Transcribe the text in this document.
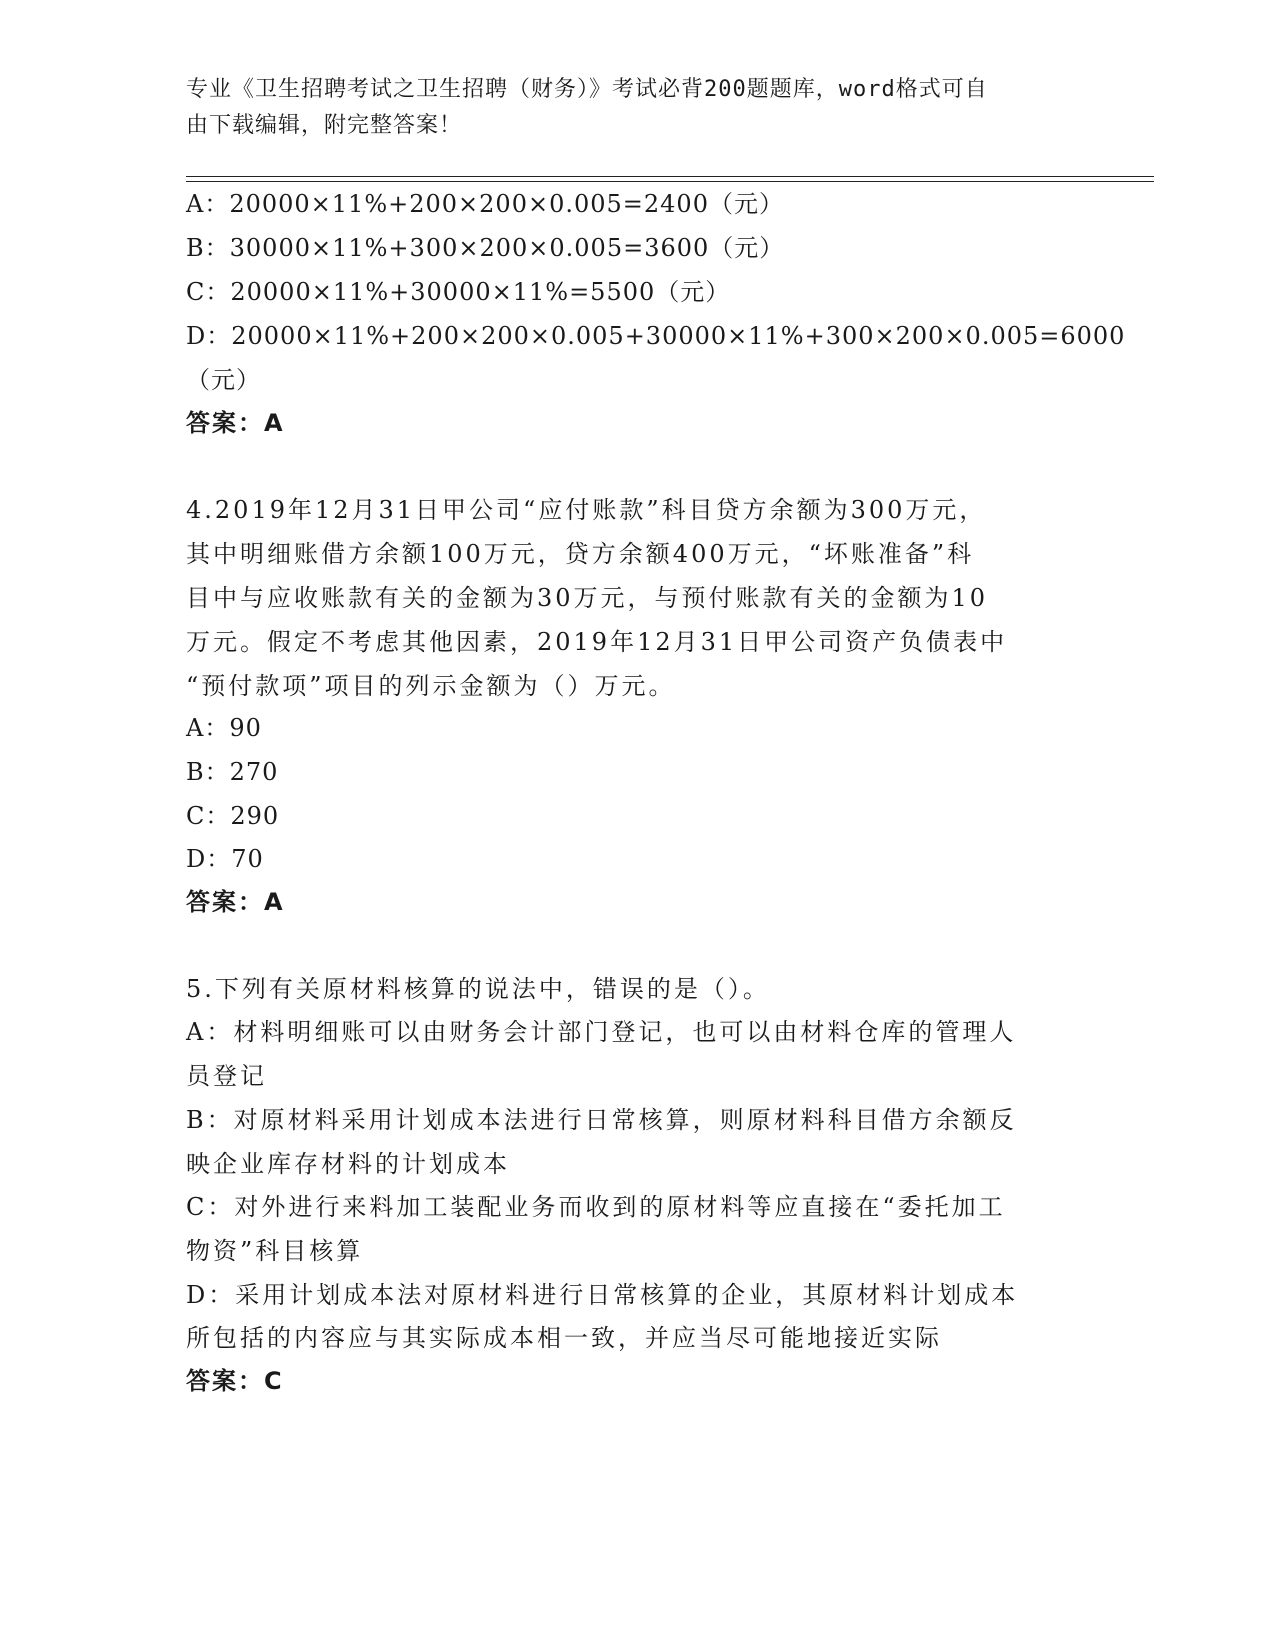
专业《卫生招聘考试之卫生招聘（财务）》考试必背200题题库，word格式可自
由下载编辑，附完整答案！
A：20000×11%+200×200×0.005=2400（元）
B：30000×11%+300×200×0.005=3600（元）
C：20000×11%+30000×11%=5500（元）
D：20000×11%+200×200×0.005+30000×11%+300×200×0.005=6000
（元）
答案：A
4.2019年12月31日甲公司“应付账款”科目贷方余额为300万元，
其中明细账借方余额100万元，贷方余额400万元，“坏账准备”科
目中与应收账款有关的金额为30万元，与预付账款有关的金额为10
万元。假定不考虑其他因素，2019年12月31日甲公司资产负债表中
“预付款项”项目的列示金额为（）万元。
A：90
B：270
C：290
D：70
答案：A
5.下列有关原材料核算的说法中，错误的是（）。
A：材料明细账可以由财务会计部门登记，也可以由材料仓库的管理人
员登记
B：对原材料采用计划成本法进行日常核算，则原材料科目借方余额反
映企业库存材料的计划成本
C：对外进行来料加工装配业务而收到的原材料等应直接在“委托加工
物资”科目核算
D：采用计划成本法对原材料进行日常核算的企业，其原材料计划成本
所包括的内容应与其实际成本相一致，并应当尽可能地接近实际
答案：C
